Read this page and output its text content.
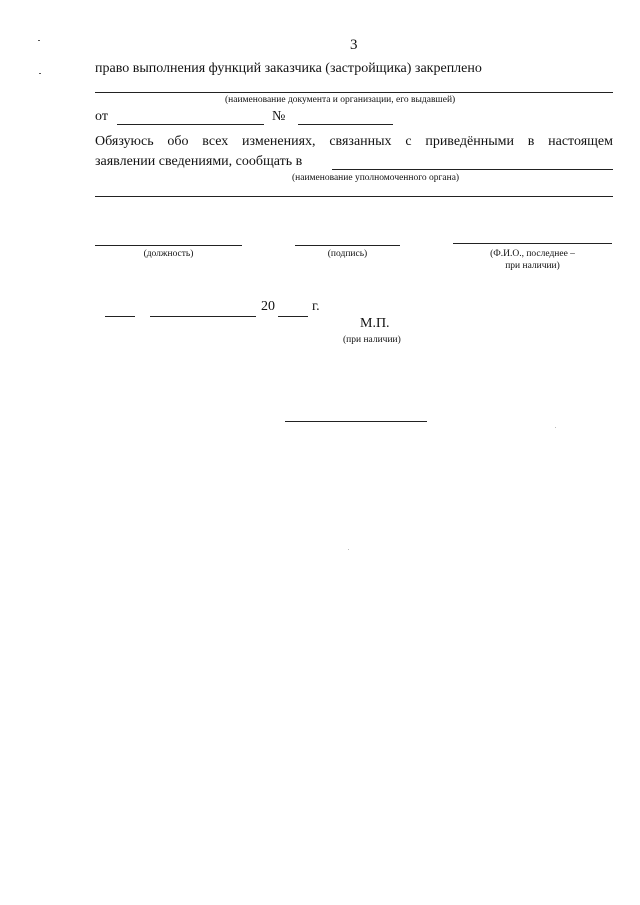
3
право выполнения функций заказчика (застройщика) закреплено
(наименование документа и организации, его выдавшей)
от	№
Обязуюсь обо всех изменениях, связанных с приведёнными в настоящем
заявлении сведениями, сообщать в
(наименование уполномоченного органа)
(должность)	(подпись)	(Ф.И.О., последнее –
при наличии)
20	г.
М.П.
(при наличии)
